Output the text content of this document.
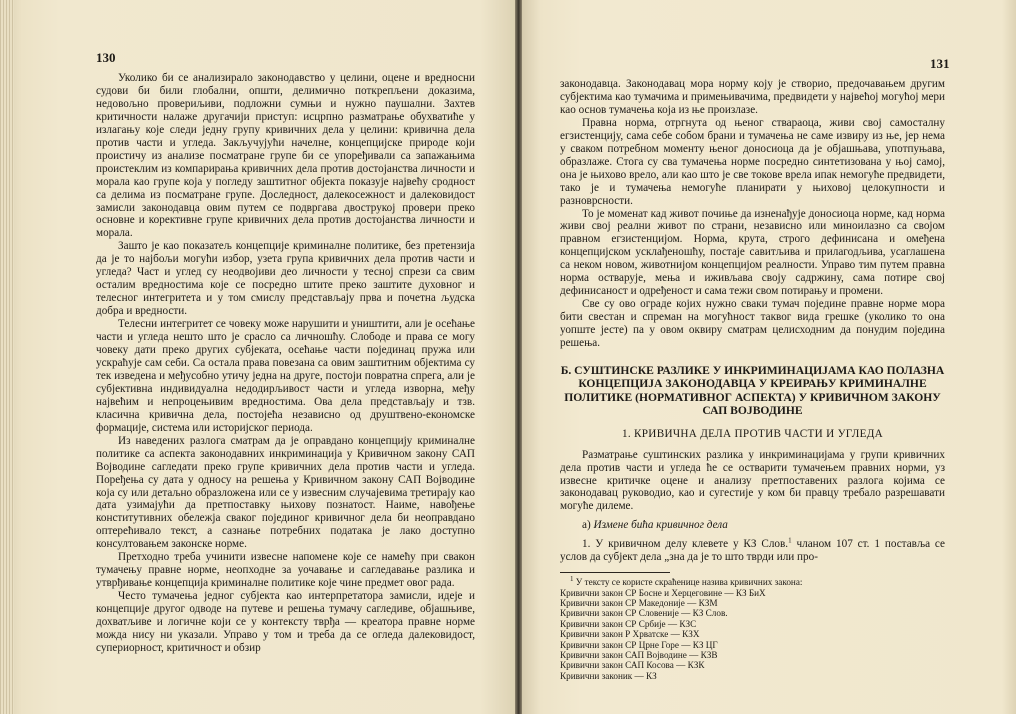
130

Уколико би се анализирало законодавство у целини, оцене и вредносни судови би били глобални, општи, делимично поткрепљени доказима, недовољно провериљиви, подложни сумњи и нужно паушални. Захтев критичности налаже другачији приступ: исцрпно разматрање обухватиће у излагању које следи једну групу кривичних дела у целини: кривична дела против части и угледа. Закључујући начелне, концепцијске природе који проистичу из анализе посматране групе би се упоређивали са запажањима проистеклим из компарирања кривичних дела против достојанства личности и морала као групе која у погледу заштитног објекта показује највећу сродност са делима из посматране групе. Доследност, далекосежност и далековидост замисли законодавца овим путем се подвргава двострукој провери преко основне и корективне групе кривичних дела против достојанства личности и морала.

Зашто је као показатељ концепције криминалне политике, без претензија да је то најбољи могући избор, узета група кривичних дела против части и угледа? Част и углед су неодвојиви део личности у тесној спрези са свим осталим вредностима које се посредно штите преко заштите духовног и телесног интегритета и у том смислу представљају прва и почетна људска добра и вредности.

Телесни интегритет се човеку може нарушити и уништити, али је осећање части и угледа нешто што је срасло са личношћу. Слободе и права се могу човеку дати преко других субјеката, осећање части појединац пружа или ускраћује сам себи. Са остала права повезана са овим заштитним објектима су тек изведена и међусобно утичу једна на друге, постоји повратна спрега, али је субјективна индивидуална недодирљивост части и угледа изворна, међу највећим и непроцењивим вредностима. Ова дела представљају и тзв. класична кривична дела, постојећа независно од друштвено-економске формације, система или историјског периода.

Из наведених разлога сматрам да је оправдано концепцију криминалне политике са аспекта законодавних инкриминација у Кривичном закону САП Војводине сагледати преко групе кривичних дела против части и угледа. Поређења су дата у односу на решења у Кривичном закону САП Војводине која су или детаљно образложена или се у извесним случајевима третирају као дата узимајући да претпоставку њихову познатост. Наиме, навођење конститутивних обележја сваког појединог кривичног дела би неоправдано оптерећивало текст, а сазнање потребних података је лако доступно консултовањем законске норме.

Претходно треба учинити извесне напомене које се намећу при свакон тумачењу правне норме, неопходне за уочавање и сагледавање разлика и утврђивање концепција криминалне политике које чине предмет овог рада.

Често тумачења једног субјекта као интерпретатора замисли, идеје и концепције другог одводе на путеве и решења тумачу сагледиве, објашњиве, дохватљиве и логичне који се у контексту тврђа — креатора правне норме можда нису ни указали. Управо у том и треба да се огледа далековидост, супериорност, критичност и обзир

131

законодавца. Законодавац мора норму коју је створио, предочавањем другим субјектима као тумачима и примењивачима, предвидети у највећој могућој мери као основ тумачења која из ње произлазе.

Правна норма, отргнута од њеног ствараоца, живи свој самосталну егзистенцију, сама себе собом брани и тумачења не саме извиру из ње, јер нема у сваком потребном моменту њеног доносиоца да је објашњава, употпуњава, образлаже. Стога су сва тумачења норме посредно синтетизована у њој самој, она је њихово врело, али као што је све токове врела ипак немогуће предвидети, тако је и тумачења немогуће планирати у њиховој целокупности и разноврсности.

То је моменат кад живот почиње да изненађује доносиоца норме, кад норма живи свој реални живот по страни, независно или миноилазно са својом правном егзистенцијом. Норма, крута, строго дефинисана и омеђена концепцијском усклађеношћу, постаје савитљива и прилагодљива, усаглашена са неком новом, животнијом концепцијом реалности. Управо тим путем правна норма остварује, мења и иживљава своју садржину, сама потире свој дефинисаност и одређеност и сама тежи свом потирању и промени.

Све су ово ограде којих нужно сваки тумач појединe правне норме мора бити свестан и спреман на могућност таквог вида грешке (уколико то она уопште јесте) па у овом оквиру сматрам целисходним да понудим поједина решења.

Б. СУШТИНСКЕ РАЗЛИКЕ У ИНКРИМИНАЦИЈАМА КАО ПОЛАЗНА КОНЦЕПЦИЈА ЗАКОНОДАВЦА У КРЕИРАЊУ КРИМИНАЛНЕ ПОЛИТИКЕ (НОРМАТИВНОГ АСПЕКТА) У КРИВИЧНОМ ЗАКОНУ САП ВОЈВОДИНЕ
1. КРИВИЧНА ДЕЛА ПРОТИВ ЧАСТИ И УГЛЕДА

Разматрање суштинских разлика у инкриминацијама у групи кривичних дела против части и угледа ће се остварити тумачењем правних норми, уз извесне критичке оцене и анализу претпоставених разлога којима се законодавац руководио, као и сугестије у ком би правцу требало разрешавати могуће дилеме.

а) Измене бића кривичног дела

1. У кривичном делу клевете у КЗ Слов.$^1$ чланом 107 ст. 1 постављa се услов да субјект дела „зна да је то што тврди или про-

$^1$ У тексту се користе скраћенице назива кривичних закона:
Кривични закон СР Босне и Херцеговине — КЗ БиХ
Кривични закон СР Македоније — КЗМ
Кривични закон СР Словеније — КЗ Слов.
Кривични закон СР Србије — КЗС
Кривични закон Р Хрватске — КЗХ
Кривични закон СР Црне Горе — КЗ ЦГ
Кривични закон САП Војводине — КЗВ
Кривични закон САП Косова — КЗК
Кривични законик — КЗ
